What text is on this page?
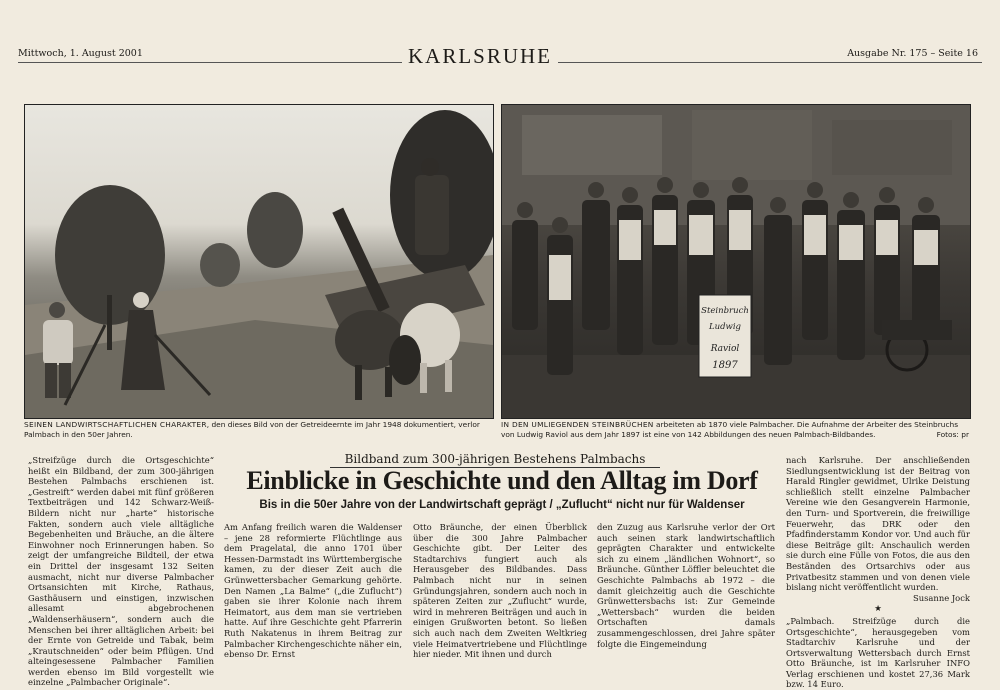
Mittwoch, 1. August 2001	KARLSRUHE	Ausgabe Nr. 175 – Seite 16
Steinbruch
Ludwig
Raviol
1897
SEINEN LANDWIRTSCHAFTLICHEN CHARAKTER, den dieses Bild von der Getreideernte im Jahr 1948 dokumentiert, verlor Palmbach in den 50er Jahren.
IN DEN UMLIEGENDEN STEINBRÜCHEN arbeiteten ab 1870 viele Palmbacher. Die Aufnahme der Arbeiter des Steinbruchs von Ludwig Raviol aus dem Jahr 1897 ist eine von 142 Abbildungen des neuen Palmbach-Bildbandes.	Fotos: pr
Bildband zum 300-jährigen Bestehens Palmbachs
Einblicke in Geschichte und den Alltag im Dorf
Bis in die 50er Jahre von der Landwirtschaft geprägt / „Zuflucht“ nicht nur für Waldenser
„Streifzüge durch die Ortsgeschichte“ heißt ein Bildband, der zum 300-jährigen Bestehen Palmbachs erschienen ist. „Gestreift“ werden dabei mit fünf größeren Textbeiträgen und 142 Schwarz-Weiß-Bildern nicht nur „harte“ historische Fakten, sondern auch viele alltägliche Begebenheiten und Bräuche, an die ältere Einwohner noch Erinnerungen haben. So zeigt der umfangreiche Bildteil, der etwa ein Drittel der insgesamt 132 Seiten ausmacht, nicht nur diverse Palmbacher Ortsansichten mit Kirche, Rathaus, Gasthäusern und einstigen, inzwischen allesamt abgebrochenen „Waldenserhäusern“, sondern auch die Menschen bei ihrer alltäglichen Arbeit: bei der Ernte von Getreide und Tabak, beim „Krautschneiden“ oder beim Pflügen. Und alteingesessene Palmbacher Familien werden ebenso im Bild vorgestellt wie einzelne „Palmbacher Originale“.
Am Anfang freilich waren die Waldenser – jene 28 reformierte Flüchtlinge aus dem Pragelatal, die anno 1701 über Hessen-Darmstadt ins Württembergische kamen, zu der dieser Zeit auch die Grünwettersbacher Gemarkung gehörte. Den Namen „La Balme“ („die Zuflucht“) gaben sie ihrer Kolonie nach ihrem Heimatort, aus dem man sie vertrieben hatte. Auf ihre Geschichte geht Pfarrerin Ruth Nakatenus in ihrem Beitrag zur Palmbacher Kirchengeschichte näher ein, ebenso Dr. Ernst
Otto Bräunche, der einen Überblick über die 300 Jahre Palmbacher Geschichte gibt. Der Leiter des Stadtarchivs fungiert auch als Herausgeber des Bildbandes. Dass Palmbach nicht nur in seinen Gründungsjahren, sondern auch noch in späteren Zeiten zur „Zuflucht“ wurde, wird in mehreren Beiträgen und auch in einigen Grußworten betont. So ließen sich auch nach dem Zweiten Weltkrieg viele Heimatvertriebene und Flüchtlinge hier nieder. Mit ihnen und durch
den Zuzug aus Karlsruhe verlor der Ort auch seinen stark landwirtschaftlich geprägten Charakter und entwickelte sich zu einem „ländlichen Wohnort“, so Bräunche. Günther Löffler beleuchtet die Geschichte Palmbachs ab 1972 – die damit gleichzeitig auch die Geschichte Grünwettersbachs ist: Zur Gemeinde „Wettersbach“ wurden die beiden Ortschaften damals zusammengeschlossen, drei Jahre später folgte die Eingemeindung
nach Karlsruhe. Der anschließenden Siedlungsentwicklung ist der Beitrag von Harald Ringler gewidmet, Ulrike Deistung schließlich stellt einzelne Palmbacher Vereine wie den Gesangverein Harmonie, den Turn- und Sportverein, die freiwillige Feuerwehr, das DRK oder den Pfadfinderstamm Kondor vor. Und auch für diese Beiträge gilt: Anschaulich werden sie durch eine Fülle von Fotos, die aus den Beständen des Ortsarchivs oder aus Privatbesitz stammen und von denen viele bislang nicht veröffentlicht wurden.
Susanne Jock
★
„Palmbach. Streifzüge durch die Ortsgeschichte“, herausgegeben vom Stadtarchiv Karlsruhe und der Ortsverwaltung Wettersbach durch Ernst Otto Bräunche, ist im Karlsruher INFO Verlag erschienen und kostet 27,36 Mark bzw. 14 Euro.
